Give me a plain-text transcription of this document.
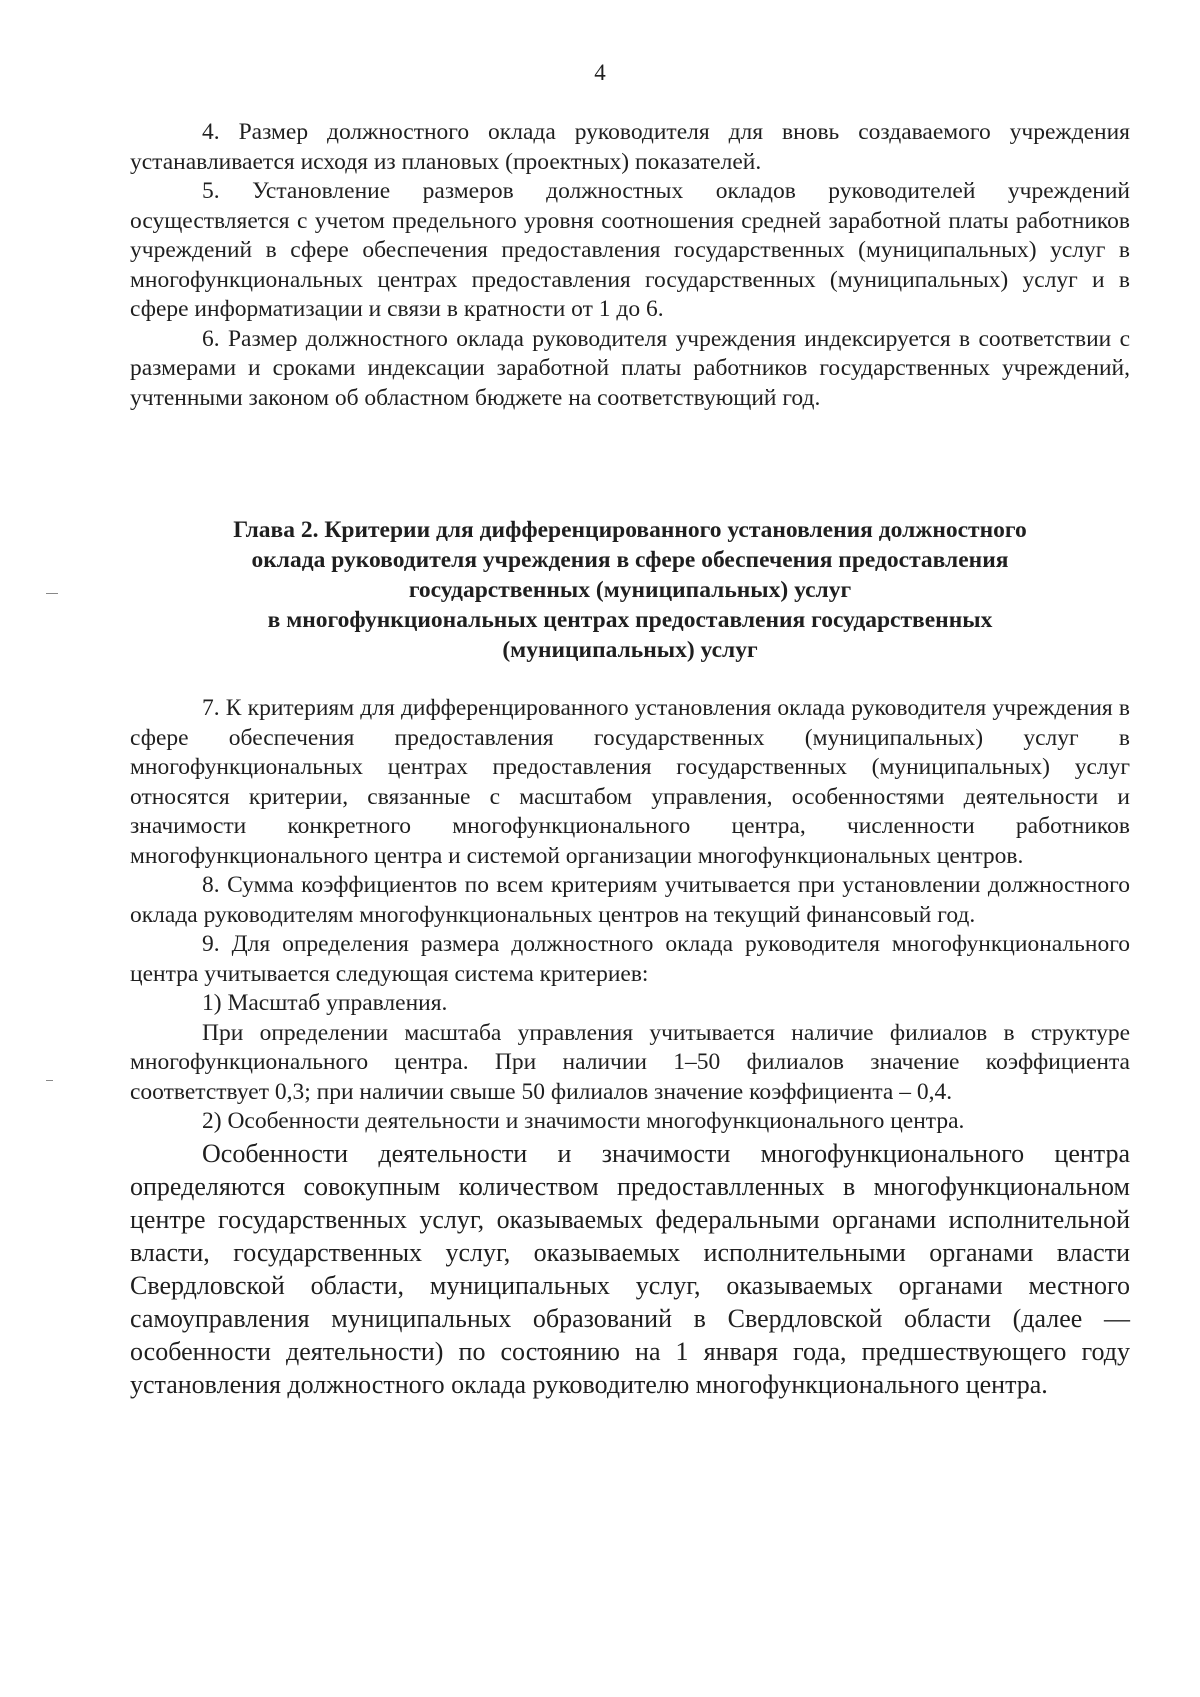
4

4. Размер должностного оклада руководителя для вновь создаваемого учреждения устанавливается исходя из плановых (проектных) показателей.

5. Установление размеров должностных окладов руководителей учреждений осуществляется с учетом предельного уровня соотношения средней заработной платы работников учреждений в сфере обеспечения предоставления государственных (муниципальных) услуг в многофункциональных центрах предоставления государственных (муниципальных) услуг и в сфере информатизации и связи в кратности от 1 до 6.

6. Размер должностного оклада руководителя учреждения индексируется в соответствии с размерами и сроками индексации заработной платы работников государственных учреждений, учтенными законом об областном бюджете на соответствующий год.

Глава 2. Критерии для дифференцированного установления должностного
оклада руководителя учреждения в сфере обеспечения предоставления
государственных (муниципальных) услуг
в многофункциональных центрах предоставления государственных
(муниципальных) услуг

7. К критериям для дифференцированного установления оклада руководителя учреждения в сфере обеспечения предоставления государственных (муниципальных) услуг в многофункциональных центрах предоставления государственных (муниципальных) услуг относятся критерии, связанные с масштабом управления, особенностями деятельности и значимости конкретного многофункционального центра, численности работников многофункционального центра и системой организации многофункциональных центров.

8. Сумма коэффициентов по всем критериям учитывается при установлении должностного оклада руководителям многофункциональных центров на текущий финансовый год.

9. Для определения размера должностного оклада руководителя многофункционального центра учитывается следующая система критериев:

1) Масштаб управления.

При определении масштаба управления учитывается наличие филиалов в структуре многофункционального центра. При наличии 1–50 филиалов значение коэффициента соответствует 0,3; при наличии свыше 50 филиалов значение коэффициента – 0,4.

2) Особенности деятельности и значимости многофункционального центра.

Особенности деятельности и значимости многофункционального центра определяются совокупным количеством предоставлленных в многофункциональном центре государственных услуг, оказываемых федеральными органами исполнительной власти, государственных услуг, оказываемых исполнительными органами власти Свердловской области, муниципальных услуг, оказываемых органами местного самоуправления муниципальных образований в Свердловской области (далее — особенности деятельности) по состоянию на 1 января года, предшествующего году установления должностного оклада руководителю многофункционального центра.
